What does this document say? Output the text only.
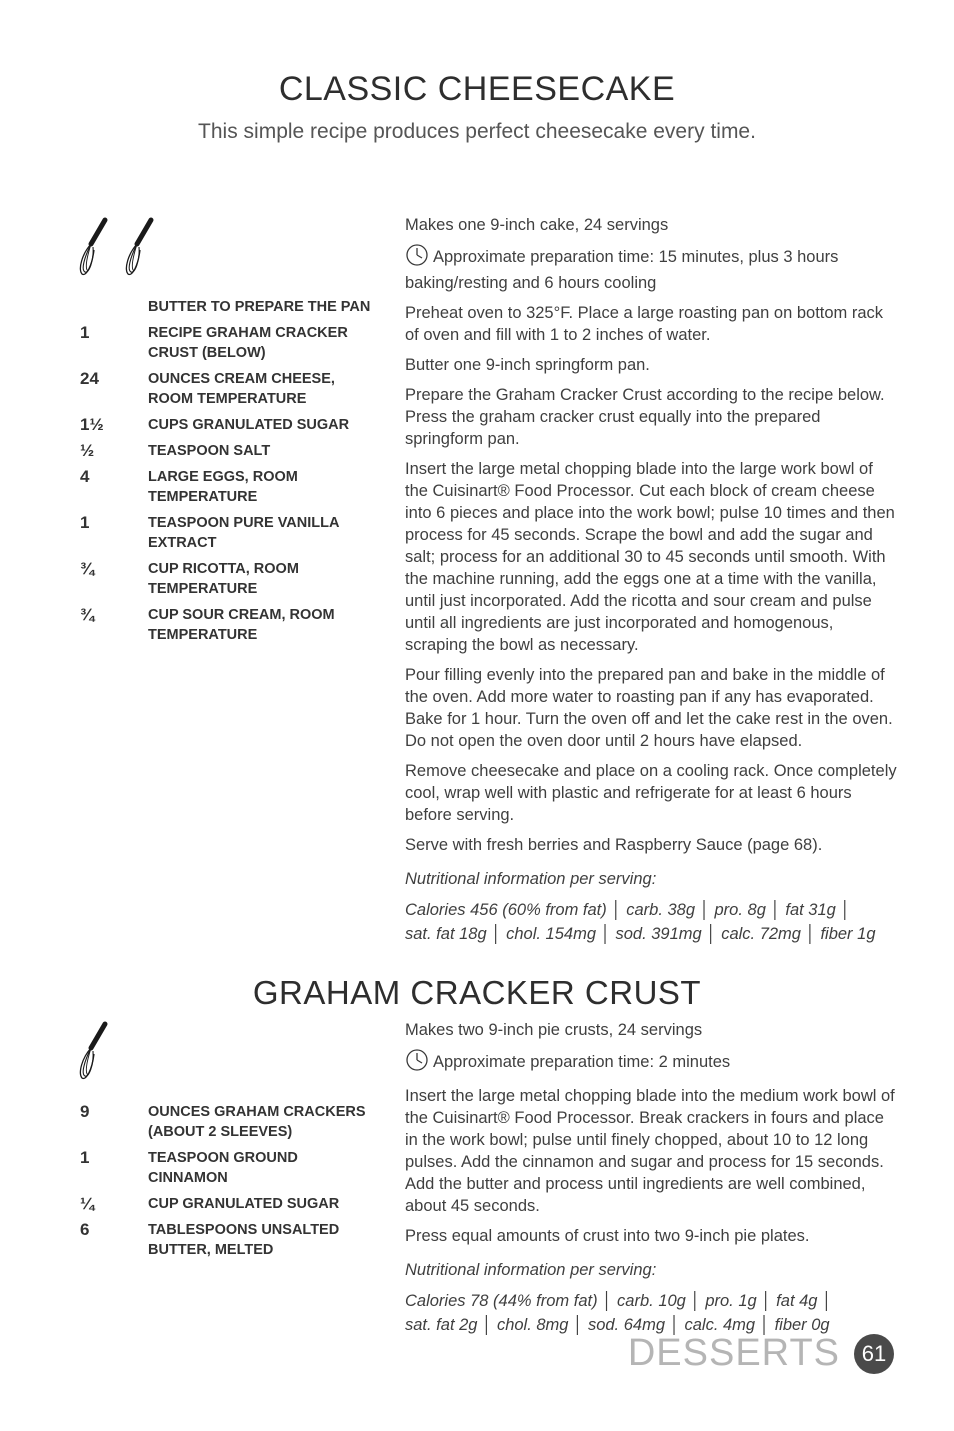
CLASSIC CHEESECAKE

This simple recipe produces perfect cheesecake every time.

BUTTER TO PREPARE THE PAN
1	RECIPE GRAHAM CRACKER CRUST (BELOW)
24	OUNCES CREAM CHEESE, ROOM TEMPERATURE
1½	CUPS GRANULATED SUGAR
½	TEASPOON SALT
4	LARGE EGGS, ROOM TEMPERATURE
1	TEASPOON PURE VANILLA EXTRACT
¾	CUP RICOTTA, ROOM TEMPERATURE
¾	CUP SOUR CREAM, ROOM TEMPERATURE

Makes one 9-inch cake, 24 servings

Approximate preparation time: 15 minutes, plus 3 hours baking/resting and 6 hours cooling

Preheat oven to 325°F. Place a large roasting pan on bottom rack of oven and fill with 1 to 2 inches of water.

Butter one 9-inch springform pan.

Prepare the Graham Cracker Crust according to the recipe below. Press the graham cracker crust equally into the prepared springform pan.

Insert the large metal chopping blade into the large work bowl of the Cuisinart® Food Processor. Cut each block of cream cheese into 6 pieces and place into the work bowl; pulse 10 times and then process for 45 seconds. Scrape the bowl and add the sugar and salt; process for an additional 30 to 45 seconds until smooth. With the machine running, add the eggs one at a time with the vanilla, until just incorporated. Add the ricotta and sour cream and pulse until all ingredients are just incorporated and homogenous, scraping the bowl as necessary.

Pour filling evenly into the prepared pan and bake in the middle of the oven. Add more water to roasting pan if any has evaporated. Bake for 1 hour. Turn the oven off and let the cake rest in the oven. Do not open the oven door until 2 hours have elapsed.

Remove cheesecake and place on a cooling rack. Once completely cool, wrap well with plastic and refrigerate for at least 6 hours before serving.

Serve with fresh berries and Raspberry Sauce (page 68).

Nutritional information per serving:

Calories 456 (60% from fat) │ carb. 38g │ pro. 8g │ fat 31g │
sat. fat 18g │ chol. 154mg │ sod. 391mg │ calc. 72mg │ fiber 1g
GRAHAM CRACKER CRUST
9	OUNCES GRAHAM CRACKERS (ABOUT 2 SLEEVES)
1	TEASPOON GROUND CINNAMON
¼	CUP GRANULATED SUGAR
6	TABLESPOONS UNSALTED BUTTER, MELTED

Makes two 9-inch pie crusts, 24 servings

Approximate preparation time: 2 minutes

Insert the large metal chopping blade into the medium work bowl of the Cuisinart® Food Processor. Break crackers in fours and place in the work bowl; pulse until finely chopped, about 10 to 12 long pulses. Add the cinnamon and sugar and process for 15 seconds. Add the butter and process until ingredients are well combined, about 45 seconds.

Press equal amounts of crust into two 9-inch pie plates.

Nutritional information per serving:

Calories 78 (44% from fat) │ carb. 10g │ pro. 1g │ fat 4g │
sat. fat 2g │ chol. 8mg │ sod. 64mg │ calc. 4mg │ fiber 0g
DESSERTS 61
